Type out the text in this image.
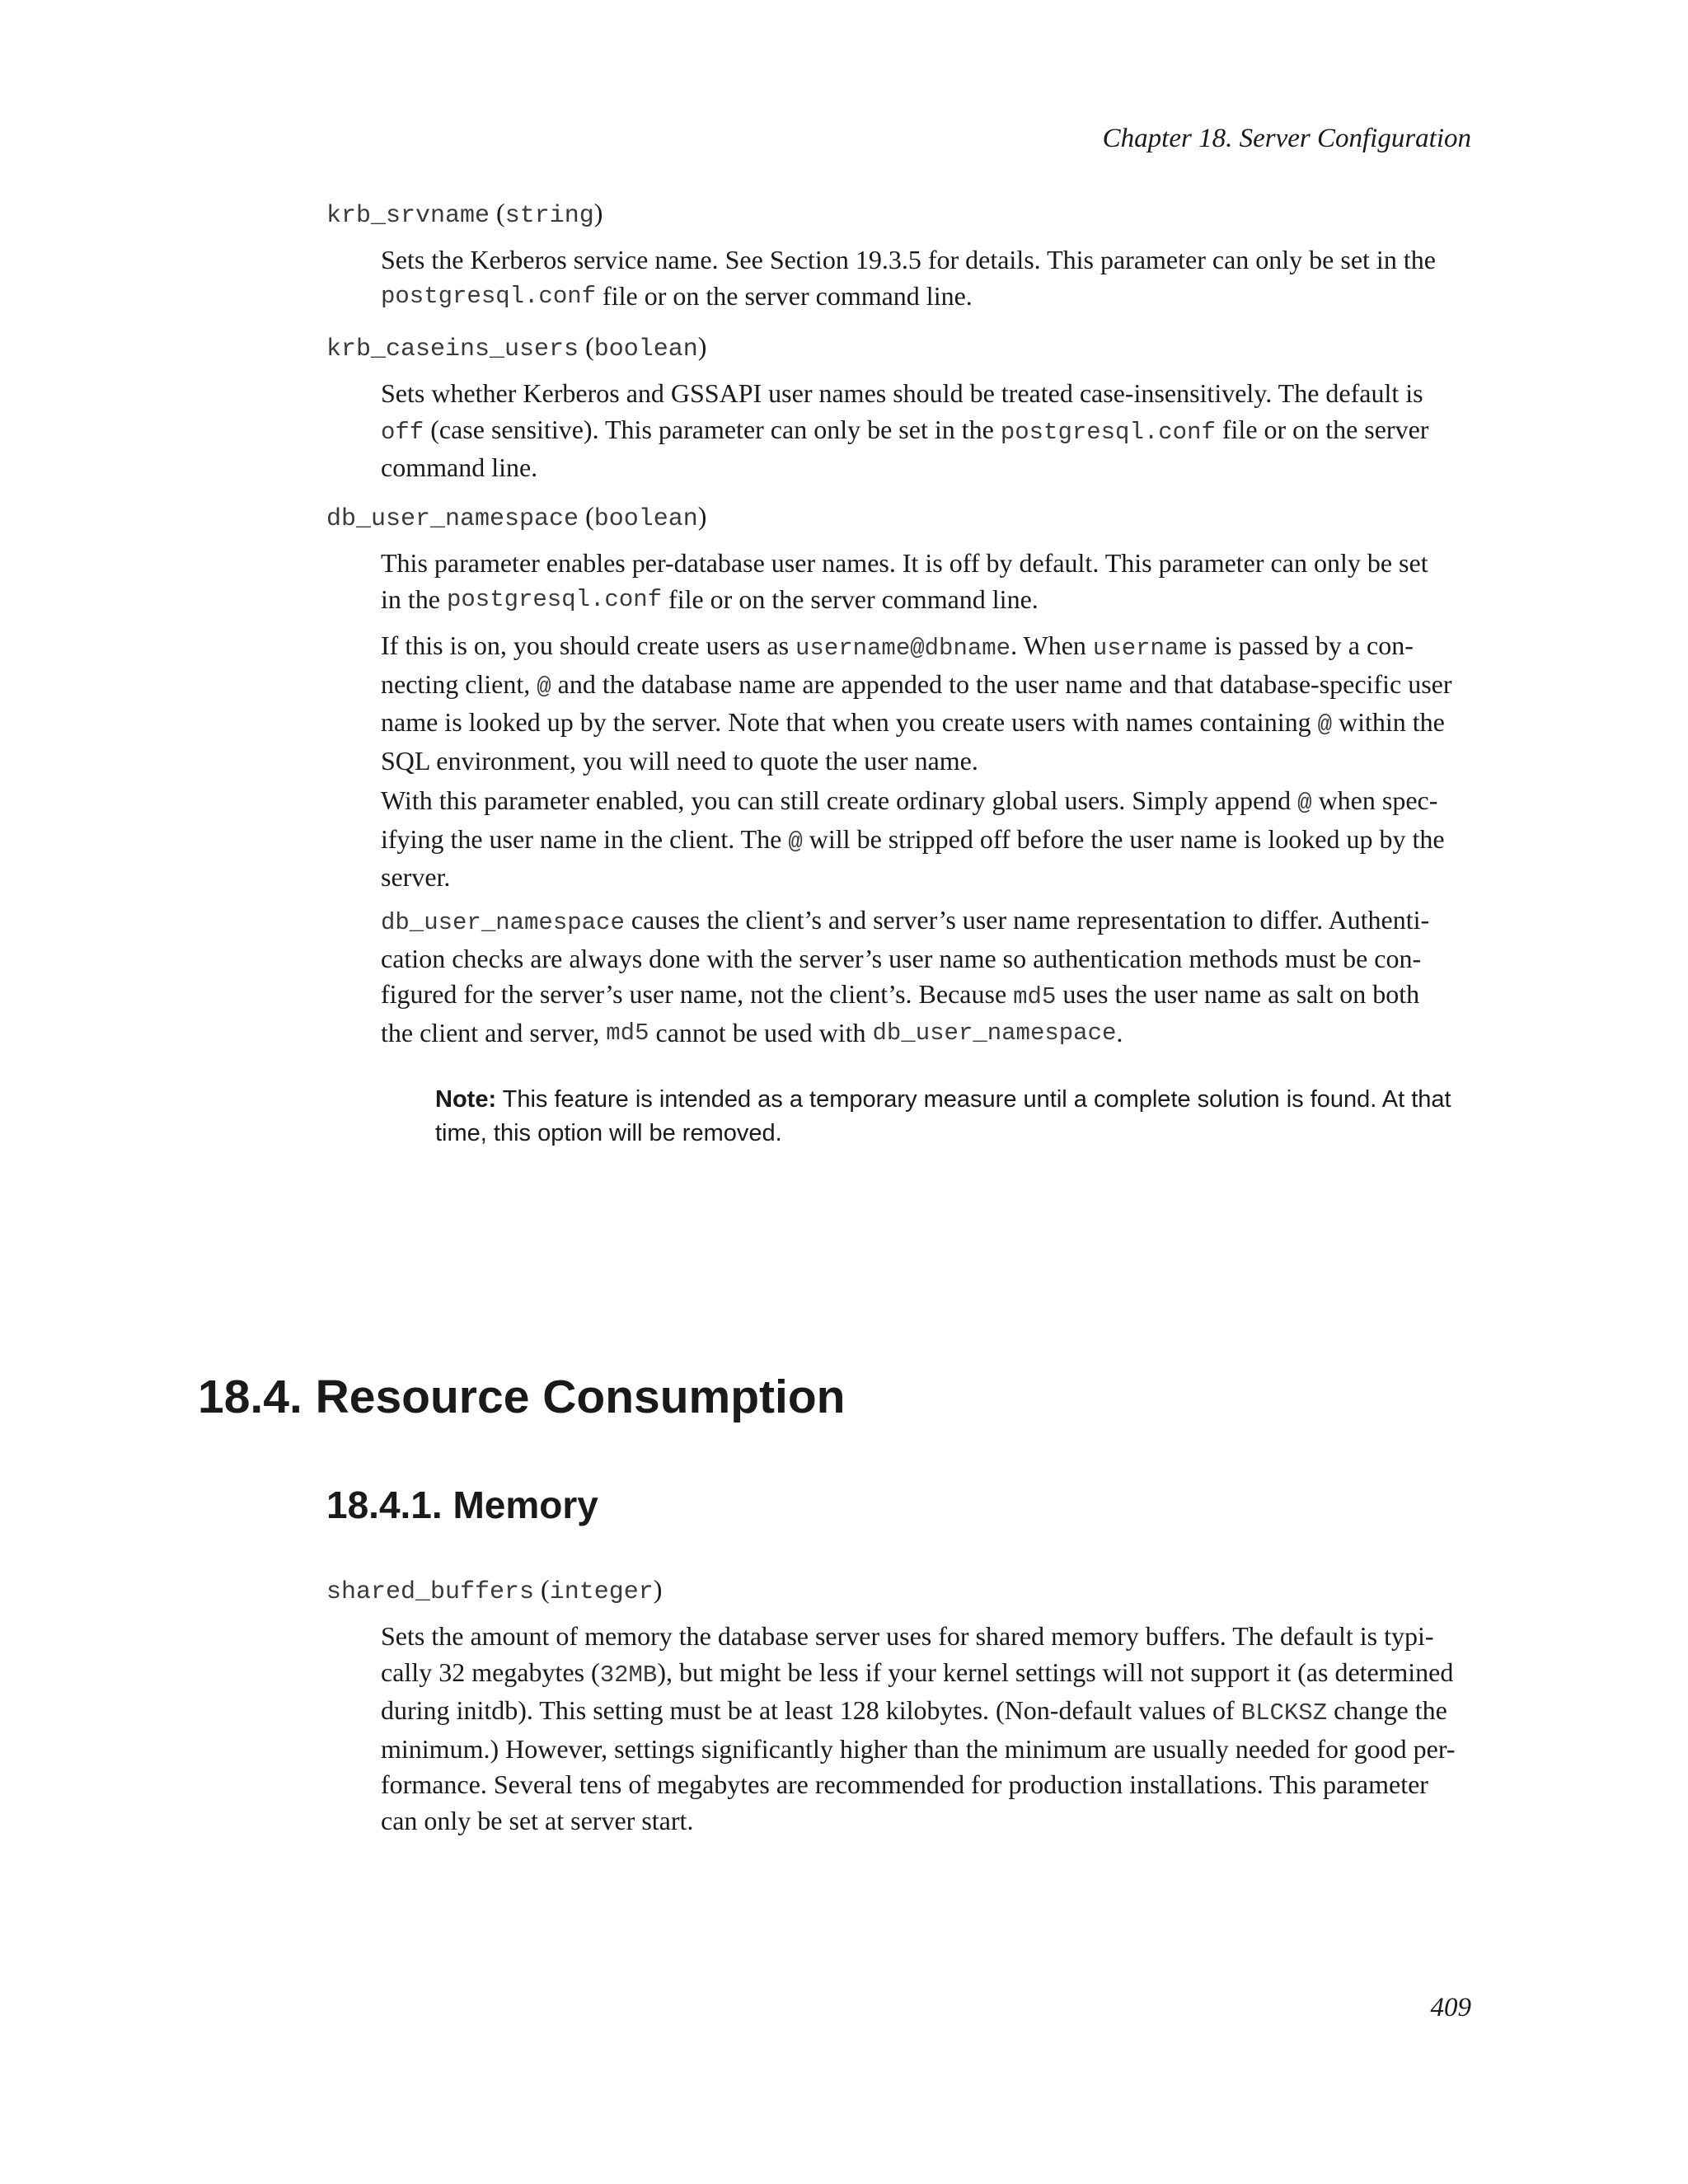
Chapter 18. Server Configuration
krb_srvname (string)
Sets the Kerberos service name. See Section 19.3.5 for details. This parameter can only be set in the
postgresql.conf file or on the server command line.
krb_caseins_users (boolean)
Sets whether Kerberos and GSSAPI user names should be treated case-insensitively. The default is
off (case sensitive). This parameter can only be set in the postgresql.conf file or on the server
command line.
db_user_namespace (boolean)
This parameter enables per-database user names. It is off by default. This parameter can only be set
in the postgresql.conf file or on the server command line.
If this is on, you should create users as username@dbname. When username is passed by a con-
necting client, @ and the database name are appended to the user name and that database-specific user
name is looked up by the server. Note that when you create users with names containing @ within the
SQL environment, you will need to quote the user name.
With this parameter enabled, you can still create ordinary global users. Simply append @ when spec-
ifying the user name in the client. The @ will be stripped off before the user name is looked up by the
server.
db_user_namespace causes the client’s and server’s user name representation to differ. Authenti-
cation checks are always done with the server’s user name so authentication methods must be con-
figured for the server’s user name, not the client’s. Because md5 uses the user name as salt on both
the client and server, md5 cannot be used with db_user_namespace .
Note: This feature is intended as a temporary measure until a complete solution is found. At that
time, this option will be removed.
18.4. Resource Consumption
18.4.1. Memory
shared_buffers (integer)
Sets the amount of memory the database server uses for shared memory buffers. The default is typi-
cally 32 megabytes (32MB), but might be less if your kernel settings will not support it (as determined
during initdb). This setting must be at least 128 kilobytes. (Non-default values of BLCKSZ change the
minimum.) However, settings significantly higher than the minimum are usually needed for good per-
formance. Several tens of megabytes are recommended for production installations. This parameter
can only be set at server start.
409
